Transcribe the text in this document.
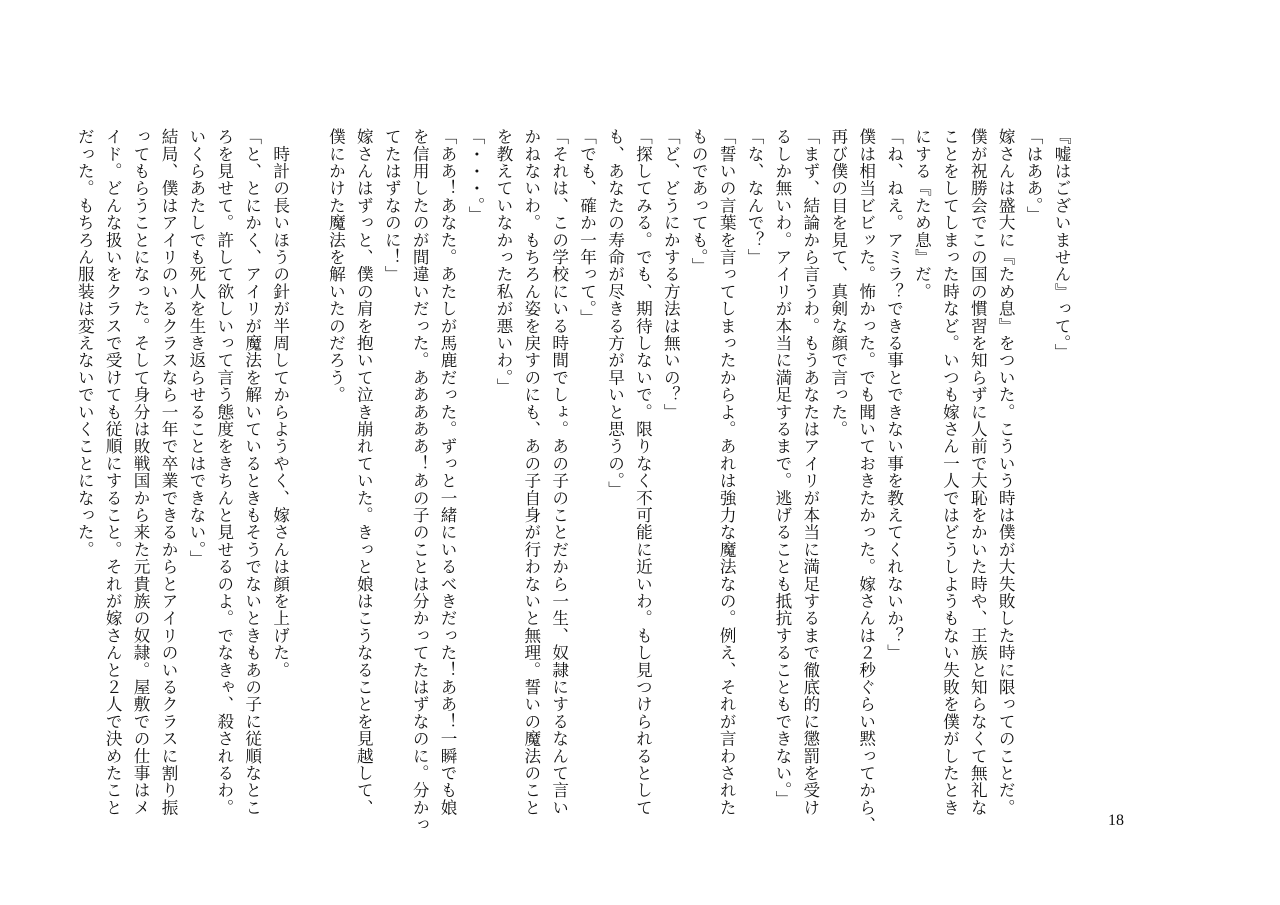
『嘘はございません』って。」
「はああ。」
嫁さんは盛大に『ため息』をついた。こういう時は僕が大失敗した時に限ってのことだ。
僕が祝勝会でこの国の慣習を知らずに人前で大恥をかいた時や、王族と知らなくて無礼な
ことをしてしまった時など。いつも嫁さん一人ではどうしようもない失敗を僕がしたとき
にする『ため息』だ。
「ね、ねえ。アミラ？できる事とできない事を教えてくれないか？」
僕は相当ビビッた。怖かった。でも聞いておきたかった。嫁さんは２秒ぐらい黙ってから、
再び僕の目を見て、真剣な顔で言った。
「まず、結論から言うわ。もうあなたはアイリが本当に満足するまで徹底的に懲罰を受け
るしか無いわ。アイリが本当に満足するまで。逃げることも抵抗することもできない。」
「な、なんで？」
「誓いの言葉を言ってしまったからよ。あれは強力な魔法なの。例え、それが言わされた
ものであっても。」
「ど、どうにかする方法は無いの？」
「探してみる。でも、期待しないで。限りなく不可能に近いわ。もし見つけられるとして
も、あなたの寿命が尽きる方が早いと思うの。」
「でも、確か一年って。」
「それは、この学校にいる時間でしょ。あの子のことだから一生、奴隷にするなんて言い
かねないわ。もちろん姿を戻すのにも、あの子自身が行わないと無理。誓いの魔法のこと
を教えていなかった私が悪いわ。」
「・・・。」
「ああ！あなた。あたしが馬鹿だった。ずっと一緒にいるべきだった！ああ！一瞬でも娘
を信用したのが間違いだった。あああああ！あの子のことは分かってたはずなのに。分かっ
てたはずなのに！」
嫁さんはずっと、僕の肩を抱いて泣き崩れていた。きっと娘はこうなることを見越して、
僕にかけた魔法を解いたのだろう。
　時計の長いほうの針が半周してからようやく、嫁さんは顔を上げた。
「と、とにかく、アイリが魔法を解いているときもそうでないときもあの子に従順なとこ
ろを見せて。許して欲しいって言う態度をきちんと見せるのよ。でなきゃ、殺されるわ。
いくらあたしでも死人を生き返らせることはできない。」
結局、僕はアイリのいるクラスなら一年で卒業できるからとアイリのいるクラスに割り振
ってもらうことになった。そして身分は敗戦国から来た元貴族の奴隷。屋敷での仕事はメ
イド。どんな扱いをクラスで受けても従順にすること。それが嫁さんと２人で決めたこと
だった。もちろん服装は変えないでいくことになった。
18
